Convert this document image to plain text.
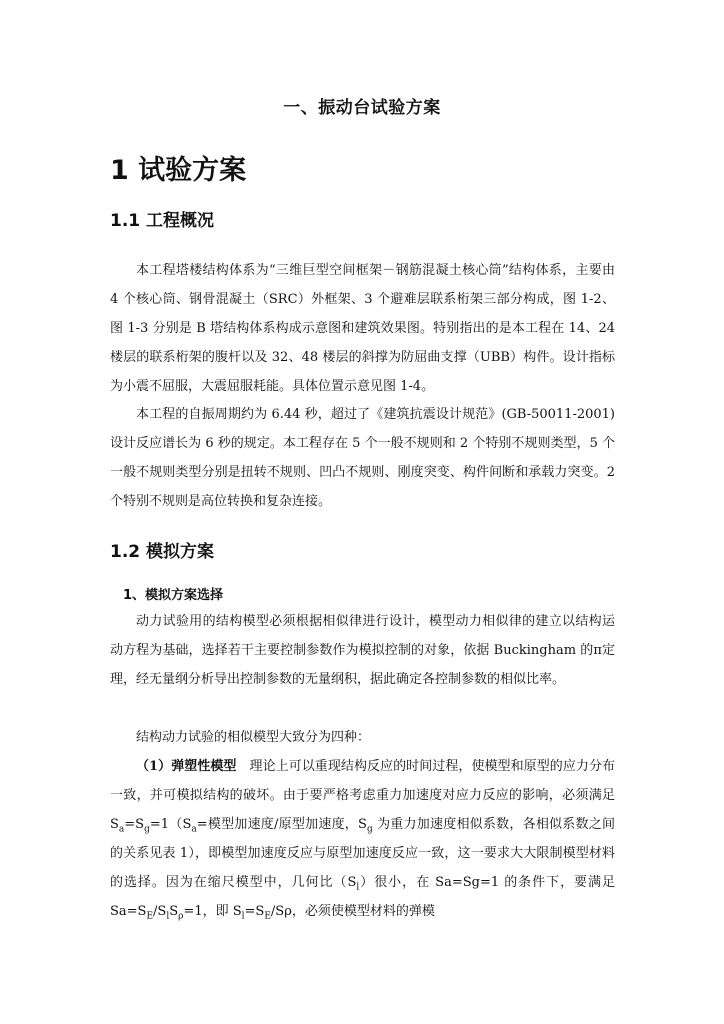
一、振动台试验方案
1 试验方案
1.1 工程概况

本工程塔楼结构体系为“三维巨型空间框架－钢筋混凝土核心筒”结构体系，主要由 4 个核心筒、钢骨混凝土（SRC）外框架、3 个避难层联系桁架三部分构成，图 1-2、图 1-3 分别是 B 塔结构体系构成示意图和建筑效果图。特别指出的是本工程在 14、24 楼层的联系桁架的腹杆以及 32、48 楼层的斜撑为防屈曲支撑（UBB）构件。设计指标为小震不屈服，大震屈服耗能。具体位置示意见图 1-4。

本工程的自振周期约为 6.44 秒，超过了《建筑抗震设计规范》(GB-50011-2001)设计反应谱长为 6 秒的规定。本工程存在 5 个一般不规则和 2 个特别不规则类型，5 个一般不规则类型分别是扭转不规则、凹凸不规则、刚度突变、构件间断和承载力突变。2 个特别不规则是高位转换和复杂连接。

1.2 模拟方案
1、模拟方案选择

动力试验用的结构模型必须根据相似律进行设计，模型动力相似律的建立以结构运动方程为基础，选择若干主要控制参数作为模拟控制的对象，依据 Buckingham 的π定理，经无量纲分析导出控制参数的无量纲积，据此确定各控制参数的相似比率。

结构动力试验的相似模型大致分为四种：

（1）弹塑性模型  理论上可以重现结构反应的时间过程，使模型和原型的应力分布一致，并可模拟结构的破坏。由于要严格考虑重力加速度对应力反应的影响，必须满足 $S_a=S_g=1(S_a=$模型加速度/原型加速度，$S_g$ 为重力加速度相似系数，各相似系数之间的关系见表 1），即模型加速度反应与原型加速度反应一致，这一要求大大限制模型材料的选择。因为在缩尺模型中，几何比$(S_l)$很小，在 Sa=Sg=1 的条件下，要满足 $Sa=S_E/S_lS_\rho=1$，即 $S_l=S_E/S\rho$，必须使模型材料的弹模
